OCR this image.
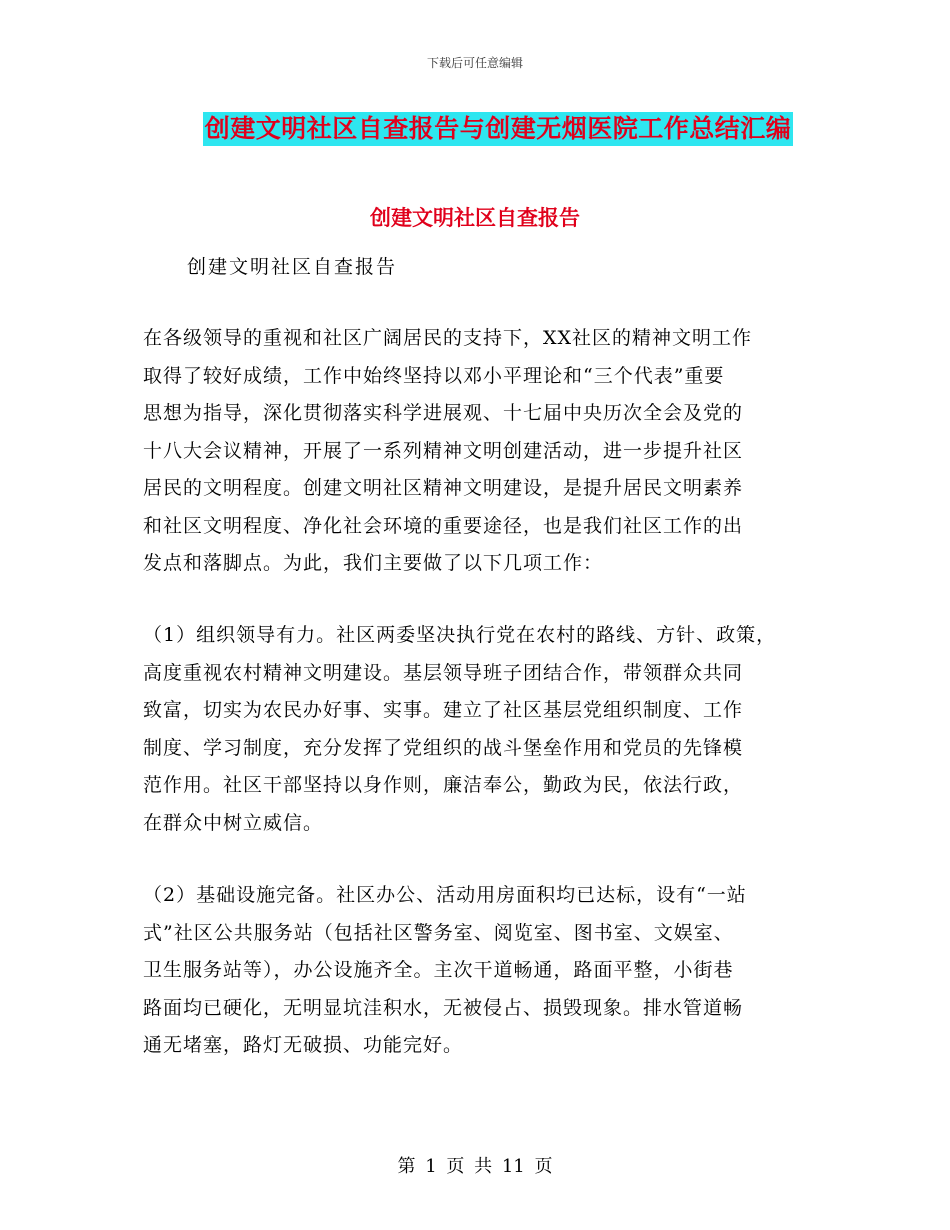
下载后可任意编辑
创建文明社区自查报告与创建无烟医院工作总结汇编
创建文明社区自查报告
创建文明社区自查报告
在各级领导的重视和社区广阔居民的支持下，XX社区的精神文明工作
取得了较好成绩，工作中始终坚持以邓小平理论和“三个代表”重要
思想为指导，深化贯彻落实科学进展观、十七届中央历次全会及党的
十八大会议精神，开展了一系列精神文明创建活动，进一步提升社区
居民的文明程度。创建文明社区精神文明建设，是提升居民文明素养
和社区文明程度、净化社会环境的重要途径，也是我们社区工作的出
发点和落脚点。为此，我们主要做了以下几项工作：
（1）组织领导有力。社区两委坚决执行党在农村的路线、方针、政策，
高度重视农村精神文明建设。基层领导班子团结合作，带领群众共同
致富，切实为农民办好事、实事。建立了社区基层党组织制度、工作
制度、学习制度，充分发挥了党组织的战斗堡垒作用和党员的先锋模
范作用。社区干部坚持以身作则，廉洁奉公，勤政为民，依法行政，
在群众中树立威信。
（2）基础设施完备。社区办公、活动用房面积均已达标，设有“一站
式”社区公共服务站（包括社区警务室、阅览室、图书室、文娱室、
卫生服务站等），办公设施齐全。主次干道畅通，路面平整，小街巷
路面均已硬化，无明显坑洼积水，无被侵占、损毁现象。排水管道畅
通无堵塞，路灯无破损、功能完好。
第 1 页 共 11 页
